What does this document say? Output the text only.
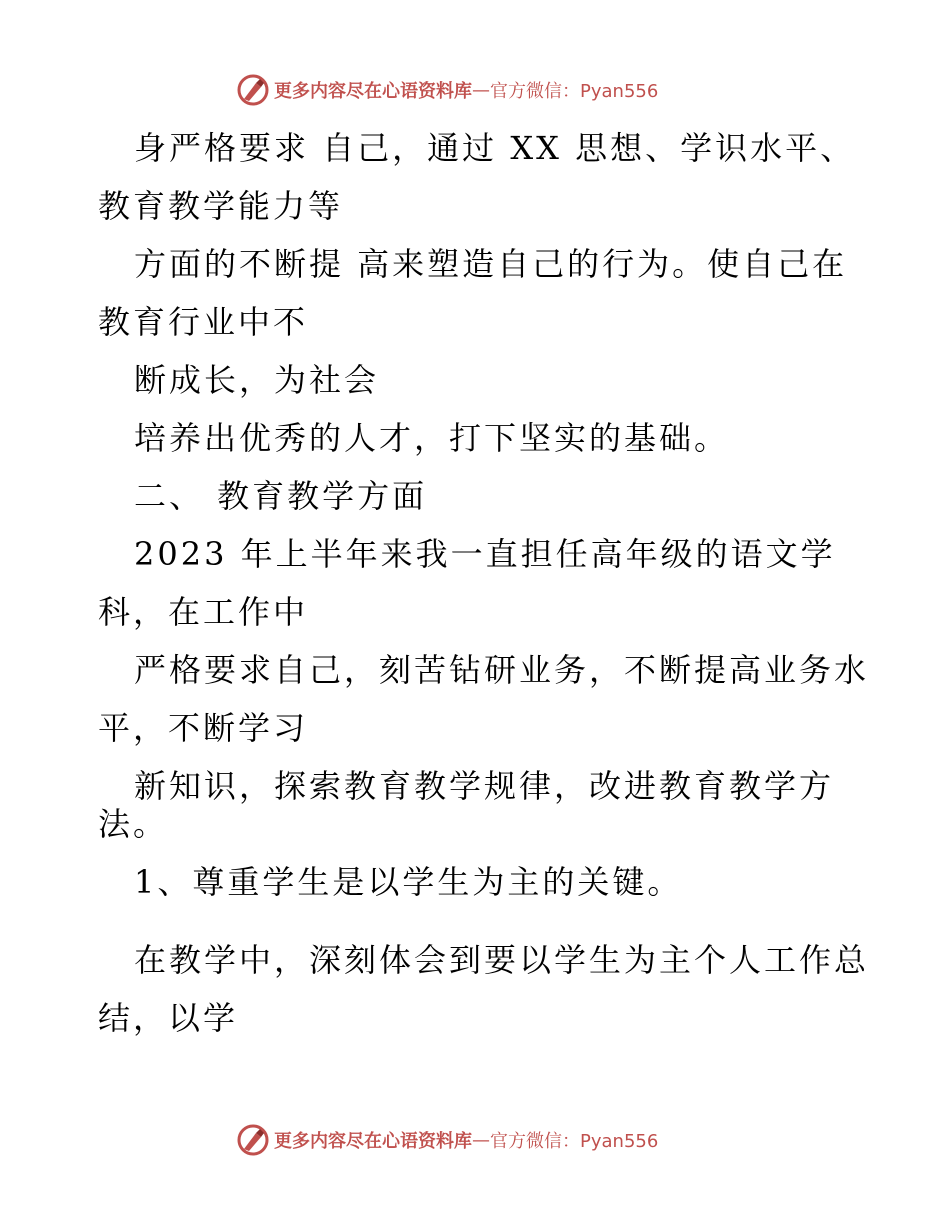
更多内容尽在心语资料库 — 官方微信：Pyan556
身严格要求 自己，通过 XX 思想、学识水平、
教育教学能力等
方面的不断提 高来塑造自己的行为。使自己在
教育行业中不
断成长，为社会
培养出优秀的人才，打下坚实的基础。
二、 教育教学方面
2023 年上半年来我一直担任高年级的语文学
科，在工作中
严格要求自己，刻苦钻研业务，不断提高业务水
平，不断学习
新知识，探索教育教学规律，改进教育教学方
法。
1、尊重学生是以学生为主的关键。
在教学中，深刻体会到要以学生为主个人工作总
结，以学
更多内容尽在心语资料库 — 官方微信：Pyan556
